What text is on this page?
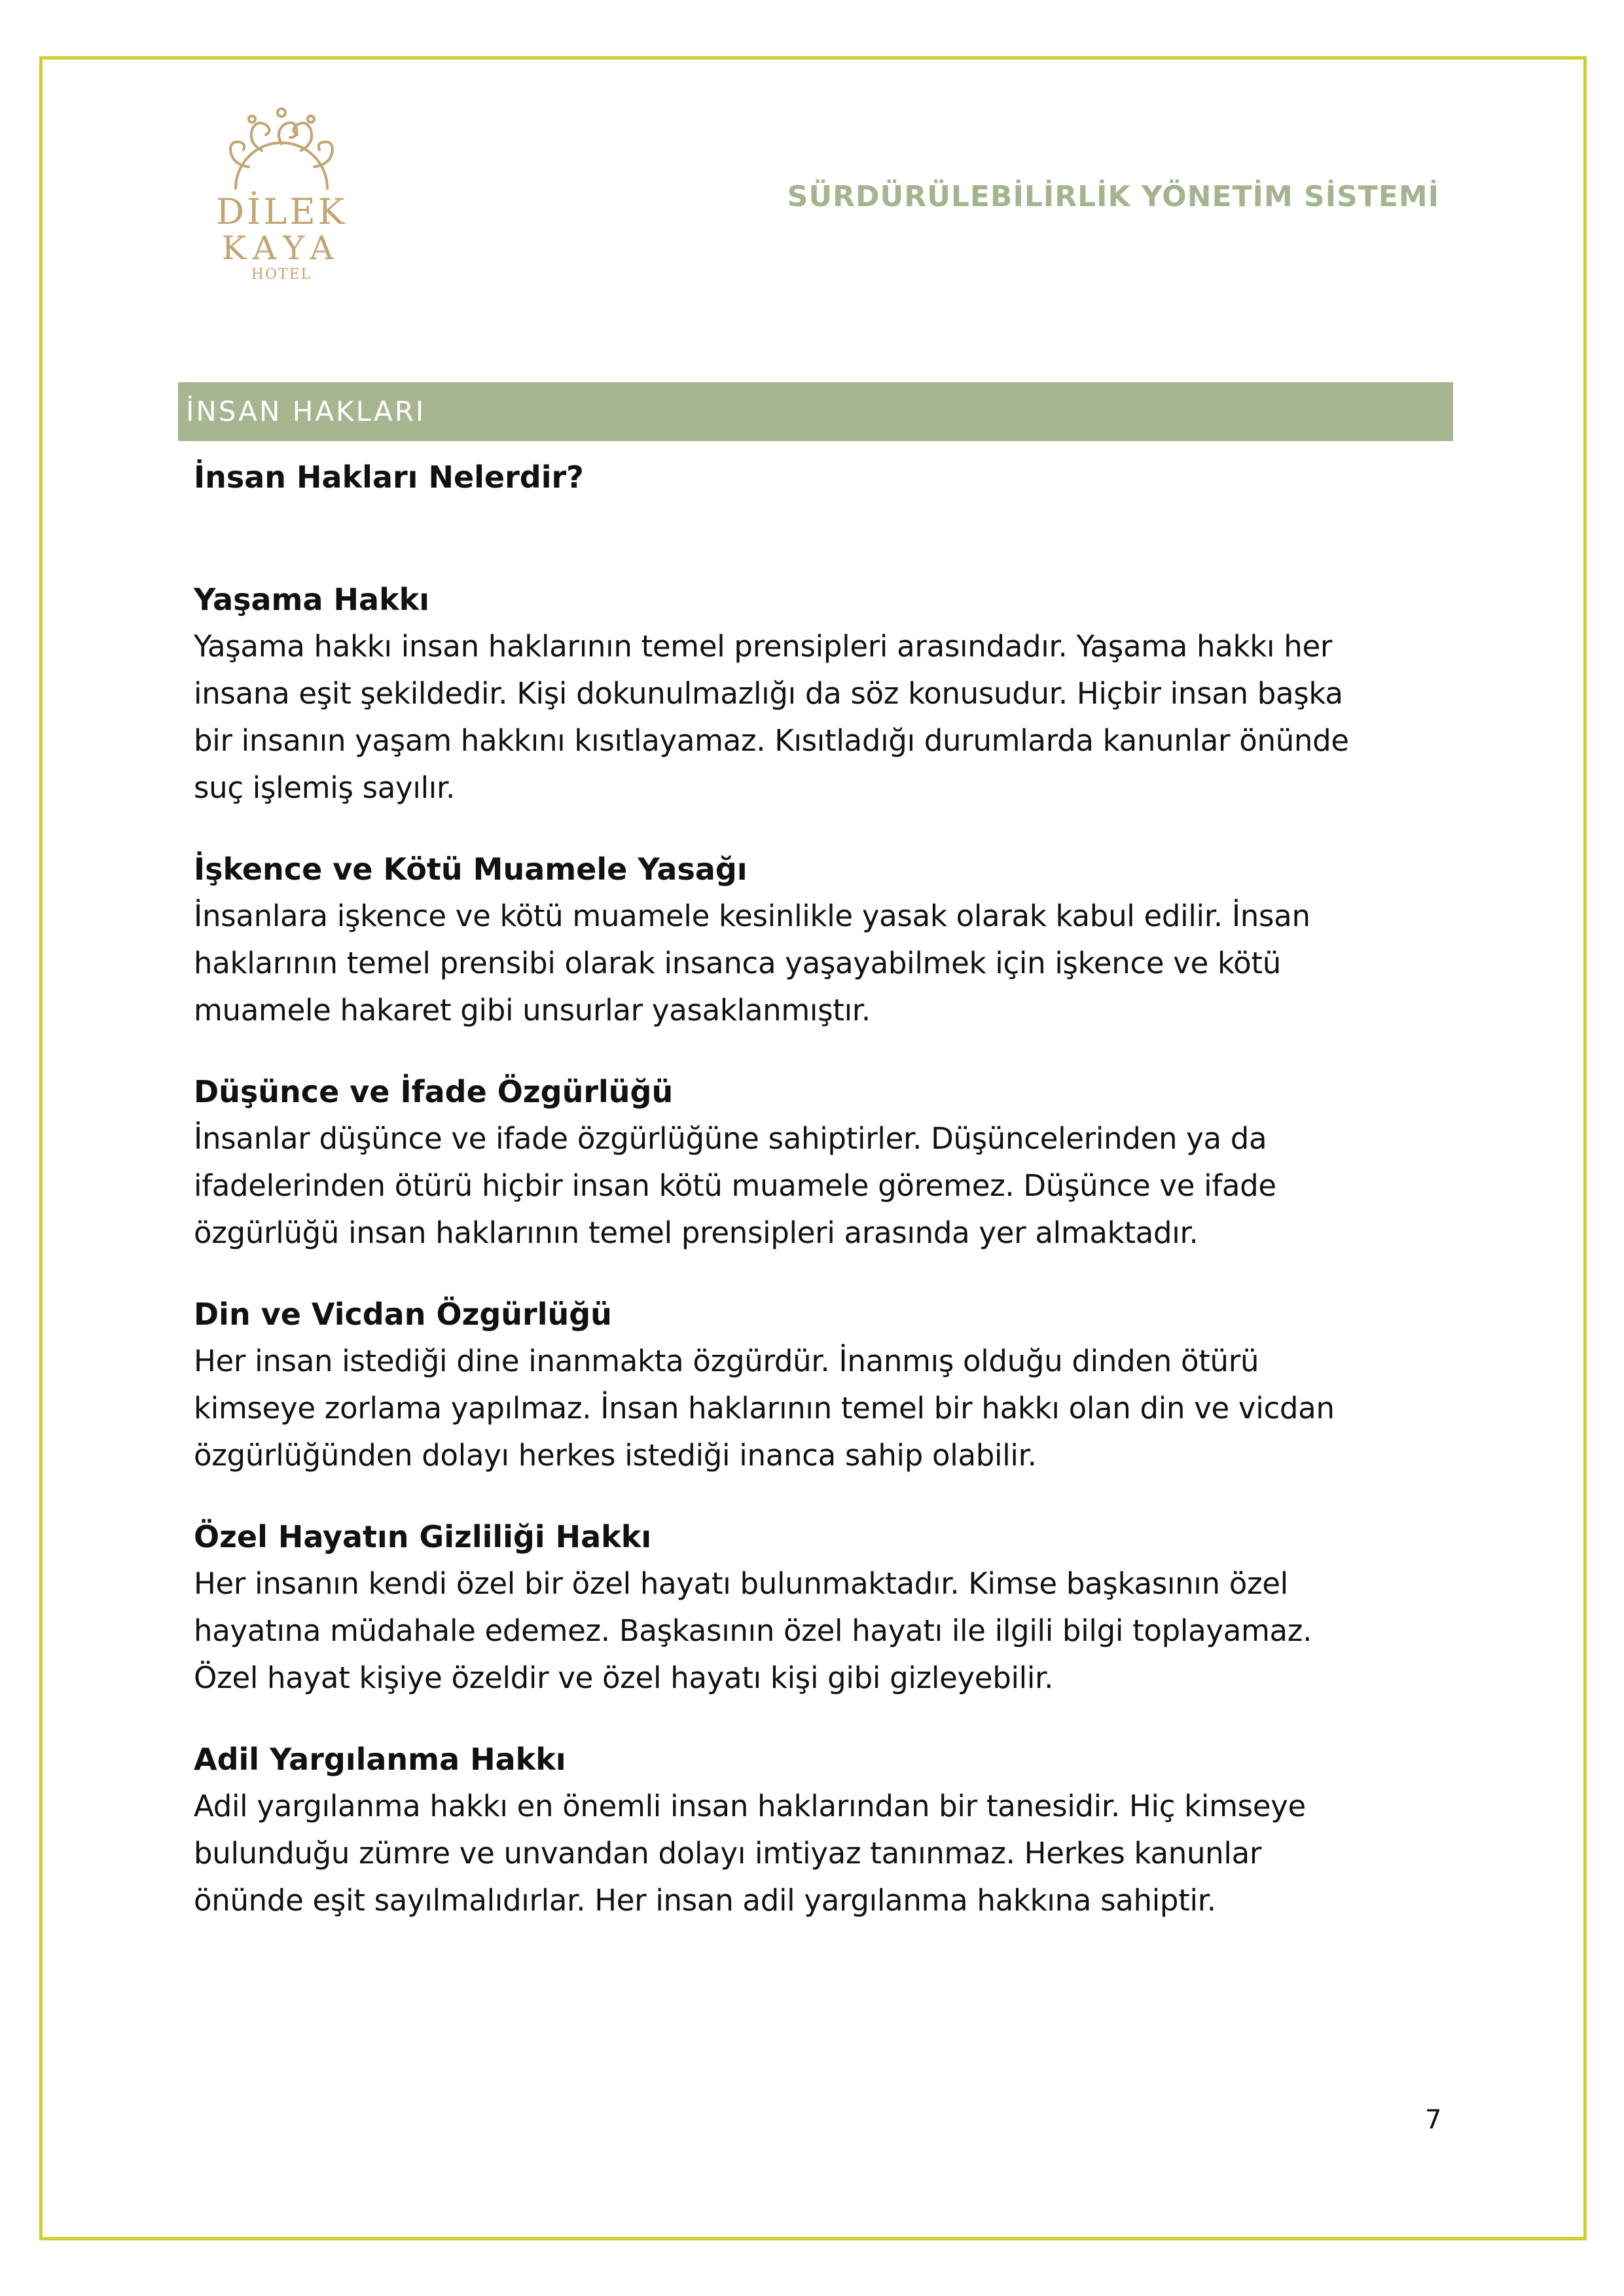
DİLEK
KAYA
HOTEL
SÜRDÜRÜLEBİLİRLİK YÖNETİM SİSTEMİ
İNSAN HAKLARI
İnsan Hakları Nelerdir?
Yaşama Hakkı

Yaşama hakkı insan haklarının temel prensipleri arasındadır. Yaşama hakkı her

insana eşit şekildedir. Kişi dokunulmazlığı da söz konusudur. Hiçbir insan başka

bir insanın yaşam hakkını kısıtlayamaz. Kısıtladığı durumlarda kanunlar önünde

suç işlemiş sayılır.

İşkence ve Kötü Muamele Yasağı

İnsanlara işkence ve kötü muamele kesinlikle yasak olarak kabul edilir. İnsan

haklarının temel prensibi olarak insanca yaşayabilmek için işkence ve kötü

muamele hakaret gibi unsurlar yasaklanmıştır.

Düşünce ve İfade Özgürlüğü

İnsanlar düşünce ve ifade özgürlüğüne sahiptirler. Düşüncelerinden ya da

ifadelerinden ötürü hiçbir insan kötü muamele göremez. Düşünce ve ifade

özgürlüğü insan haklarının temel prensipleri arasında yer almaktadır.

Din ve Vicdan Özgürlüğü

Her insan istediği dine inanmakta özgürdür. İnanmış olduğu dinden ötürü

kimseye zorlama yapılmaz. İnsan haklarının temel bir hakkı olan din ve vicdan

özgürlüğünden dolayı herkes istediği inanca sahip olabilir.

Özel Hayatın Gizliliği Hakkı

Her insanın kendi özel bir özel hayatı bulunmaktadır. Kimse başkasının özel

hayatına müdahale edemez. Başkasının özel hayatı ile ilgili bilgi toplayamaz.

Özel hayat kişiye özeldir ve özel hayatı kişi gibi gizleyebilir.

Adil Yargılanma Hakkı

Adil yargılanma hakkı en önemli insan haklarından bir tanesidir. Hiç kimseye

bulunduğu zümre ve unvandan dolayı imtiyaz tanınmaz. Herkes kanunlar

önünde eşit sayılmalıdırlar. Her insan adil yargılanma hakkına sahiptir.

7
